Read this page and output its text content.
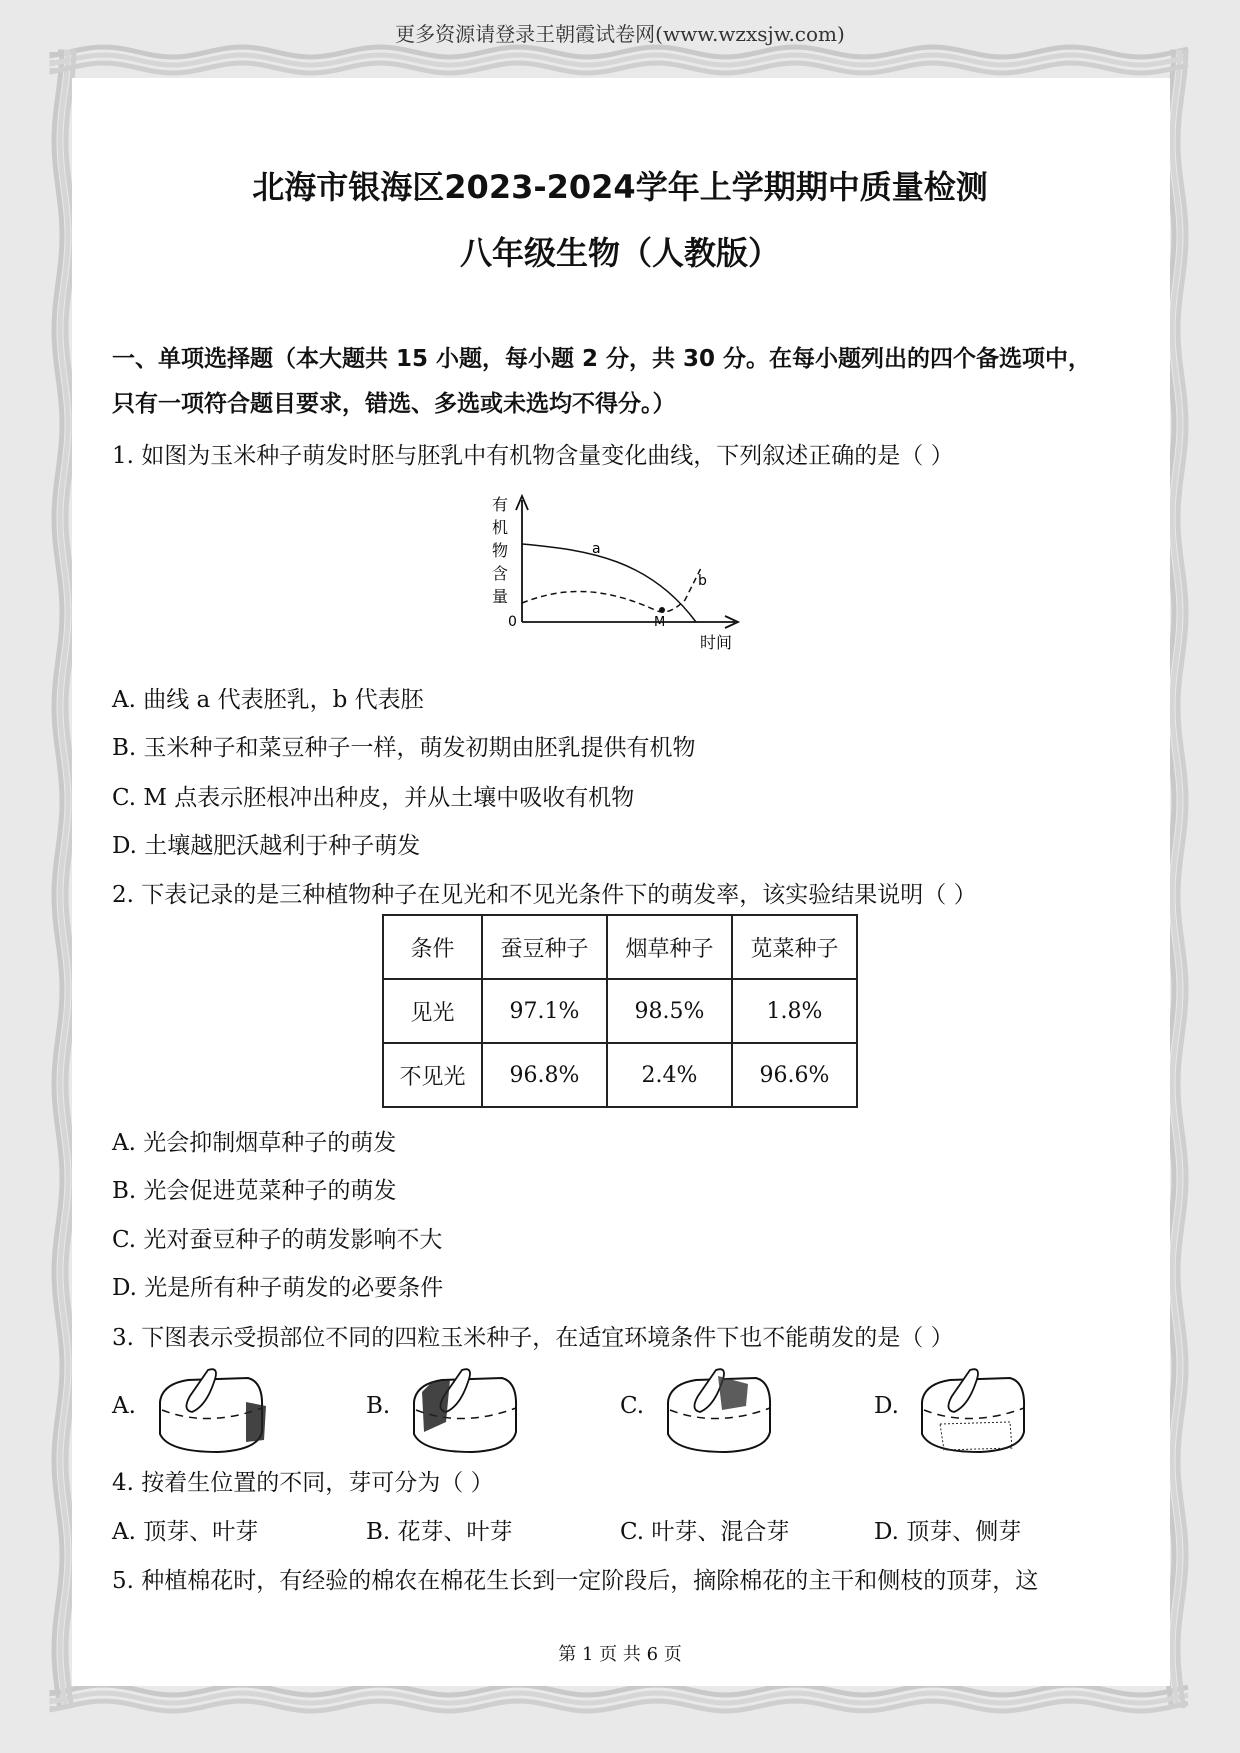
更多资源请登录王朝霞试卷网(www.wzxsjw.com)
北海市银海区2023-2024学年上学期期中质量检测
八年级生物（人教版）
一、单项选择题（本大题共 15 小题，每小题 2 分，共 30 分。在每小题列出的四个备选项中，
只有一项符合题目要求，错选、多选或未选均不得分。）
1. 如图为玉米种子萌发时胚与胚乳中有机物含量变化曲线，下列叙述正确的是（ ）
有
机
物
含
量
0
时间
a
b
M
A. 曲线 a 代表胚乳，b 代表胚
B. 玉米种子和菜豆种子一样，萌发初期由胚乳提供有机物
C. M 点表示胚根冲出种皮，并从土壤中吸收有机物
D. 土壤越肥沃越利于种子萌发
2. 下表记录的是三种植物种子在见光和不见光条件下的萌发率，该实验结果说明（ ）
条件	蚕豆种子	烟草种子	苋菜种子
见光	97.1%	98.5%	1.8%
不见光	96.8%	2.4%	96.6%
A. 光会抑制烟草种子的萌发
B. 光会促进苋菜种子的萌发
C. 光对蚕豆种子的萌发影响不大
D. 光是所有种子萌发的必要条件
3. 下图表示受损部位不同的四粒玉米种子，在适宜环境条件下也不能萌发的是（ ）
A.	B.	C.	D.
4. 按着生位置的不同，芽可分为（ ）
A. 顶芽、叶芽	B. 花芽、叶芽	C. 叶芽、混合芽	D. 顶芽、侧芽
5. 种植棉花时，有经验的棉农在棉花生长到一定阶段后，摘除棉花的主干和侧枝的顶芽，这
第 1 页 共 6 页
